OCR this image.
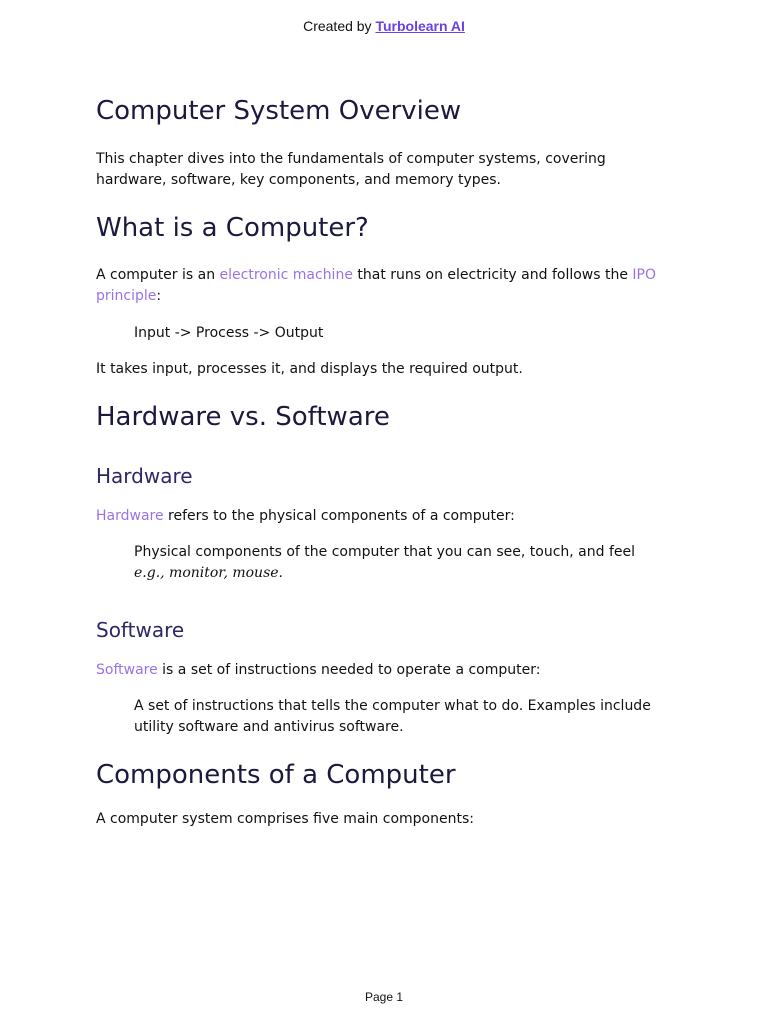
Created by Turbolearn AI
Computer System Overview

This chapter dives into the fundamentals of computer systems, covering hardware, software, key components, and memory types.

What is a Computer?

A computer is an electronic machine that runs on electricity and follows the IPO principle:

Input -> Process -> Output

It takes input, processes it, and displays the required output.

Hardware vs. Software
Hardware

Hardware refers to the physical components of a computer:

Physical components of the computer that you can see, touch, and feel

e.g., monitor, mouse.

Software

Software is a set of instructions needed to operate a computer:

A set of instructions that tells the computer what to do. Examples include utility software and antivirus software.

Components of a Computer

A computer system comprises five main components:

Page 1
